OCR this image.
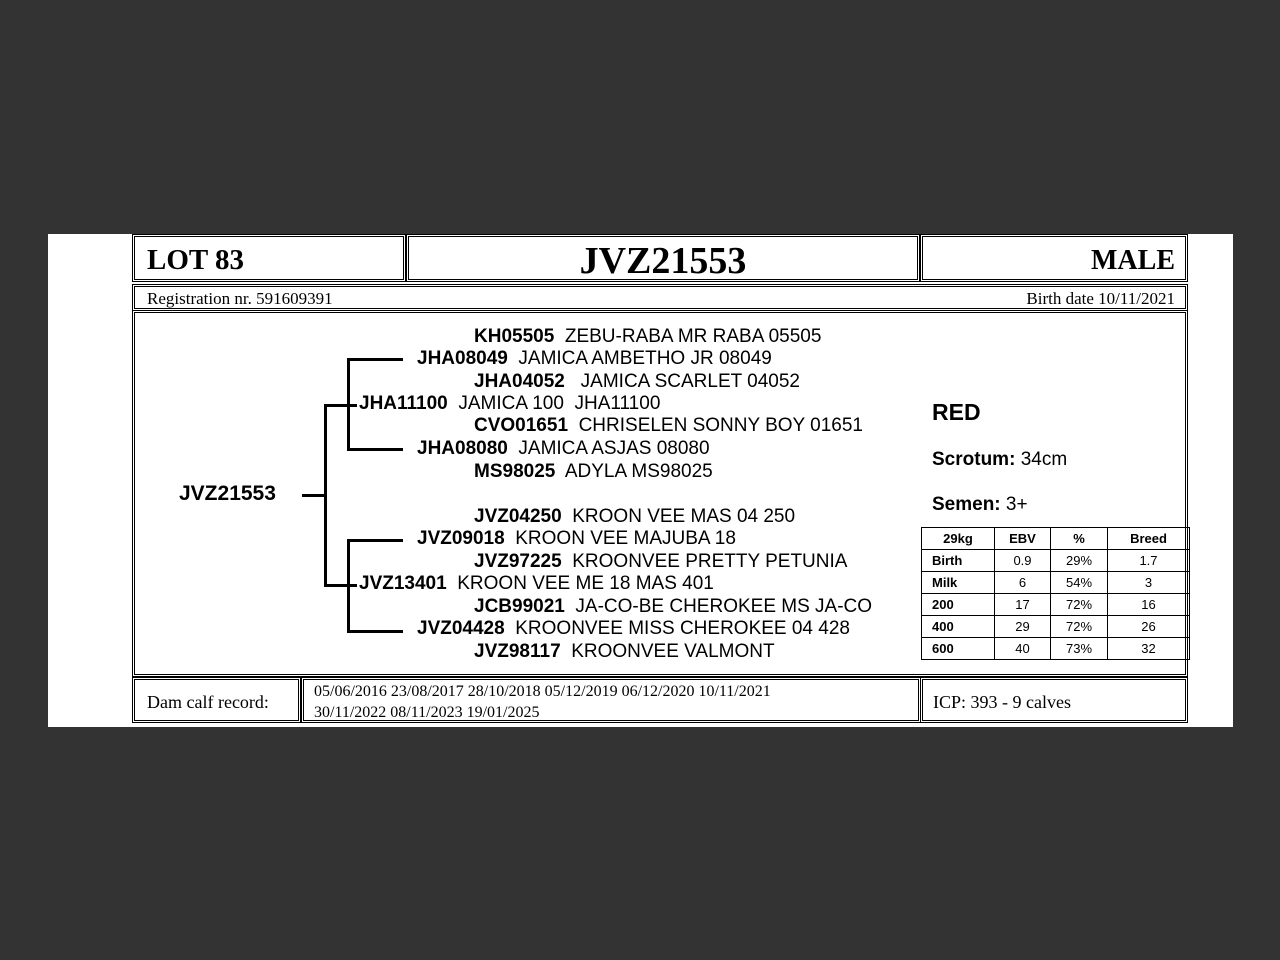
LOT 83	JVZ21553	MALE
Registration nr. 591609391	Birth date 10/11/2021
JVZ21553
KH05505 ZEBU-RABA MR RABA 05505
JHA08049 JAMICA AMBETHO JR 08049
JHA04052   JAMICA SCARLET 04052
JHA11100 JAMICA 100  JHA11100
CVO01651 CHRISELEN SONNY BOY 01651
JHA08080 JAMICA ASJAS 08080
MS98025 ADYLA MS98025
JVZ04250 KROON VEE MAS 04 250
JVZ09018 KROON VEE MAJUBA 18
JVZ97225 KROONVEE PRETTY PETUNIA
JVZ13401 KROON VEE ME 18 MAS 401
JCB99021 JA-CO-BE CHEROKEE MS JA-CO
JVZ04428 KROONVEE MISS CHEROKEE 04 428
JVZ98117 KROONVEE VALMONT
RED
Scrotum: 34cm
Semen: 3+
29kg	EBV	%	Breed
Birth	0.9	29%	1.7
Milk	6	54%	3
200	17	72%	16
400	29	72%	26
600	40	73%	32
Dam calf record:
05/06/2016 23/08/2017 28/10/2018 05/12/2019 06/12/2020 10/11/2021
30/11/2022 08/11/2023 19/01/2025
ICP: 393 - 9 calves
